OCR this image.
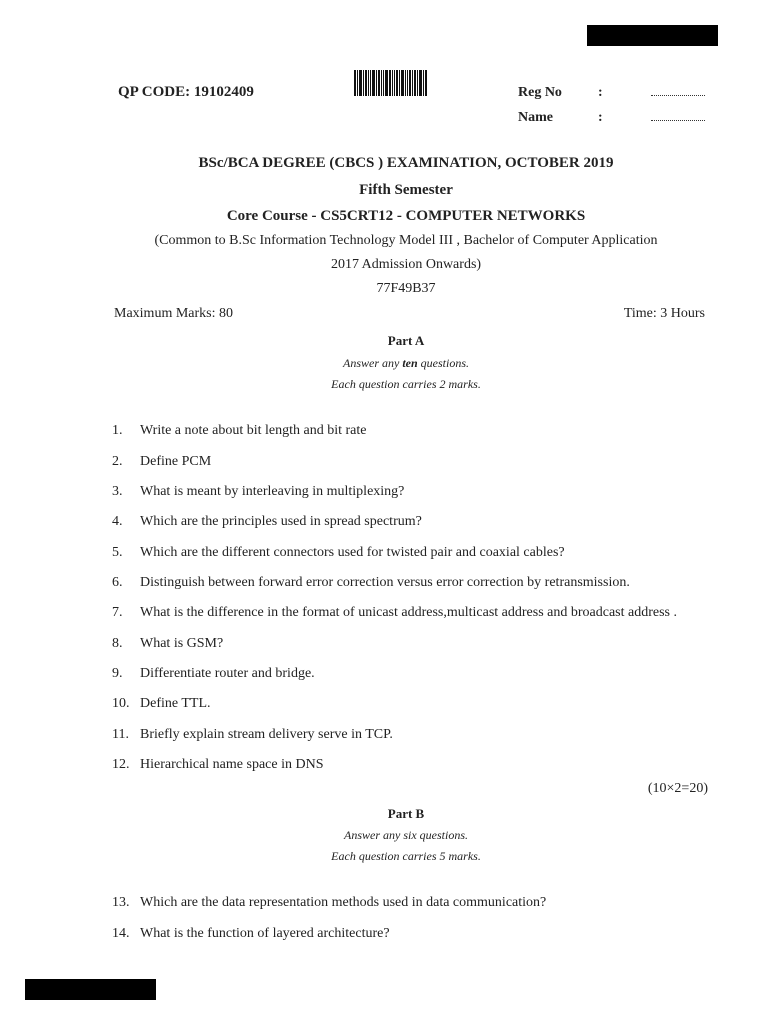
QP CODE: 19102409	Reg No	:
Name	:
BSc/BCA DEGREE (CBCS ) EXAMINATION, OCTOBER 2019
Fifth Semester
Core Course - CS5CRT12 - COMPUTER NETWORKS
(Common to B.Sc Information Technology Model III , Bachelor of Computer Application
2017 Admission Onwards)
77F49B37
Maximum Marks: 80	Time: 3 Hours
Part A
Answer any ten questions.
Each question carries 2 marks.
1. Write a note about bit length and bit rate
2. Define PCM
3. What is meant by interleaving in multiplexing?
4. Which are the principles used in spread spectrum?
5. Which are the different connectors used for twisted pair and coaxial cables?
6. Distinguish between forward error correction versus error correction by retransmission.
7. What is the difference in the format of unicast address,multicast address and broadcast address .
8. What is GSM?
9. Differentiate router and bridge.
10. Define TTL.
11. Briefly explain stream delivery serve in TCP.
12. Hierarchical name space in DNS
(10×2=20)
Part B
Answer any six questions.
Each question carries 5 marks.
13. Which are the data representation methods used in data communication?
14. What is the function of layered architecture?
